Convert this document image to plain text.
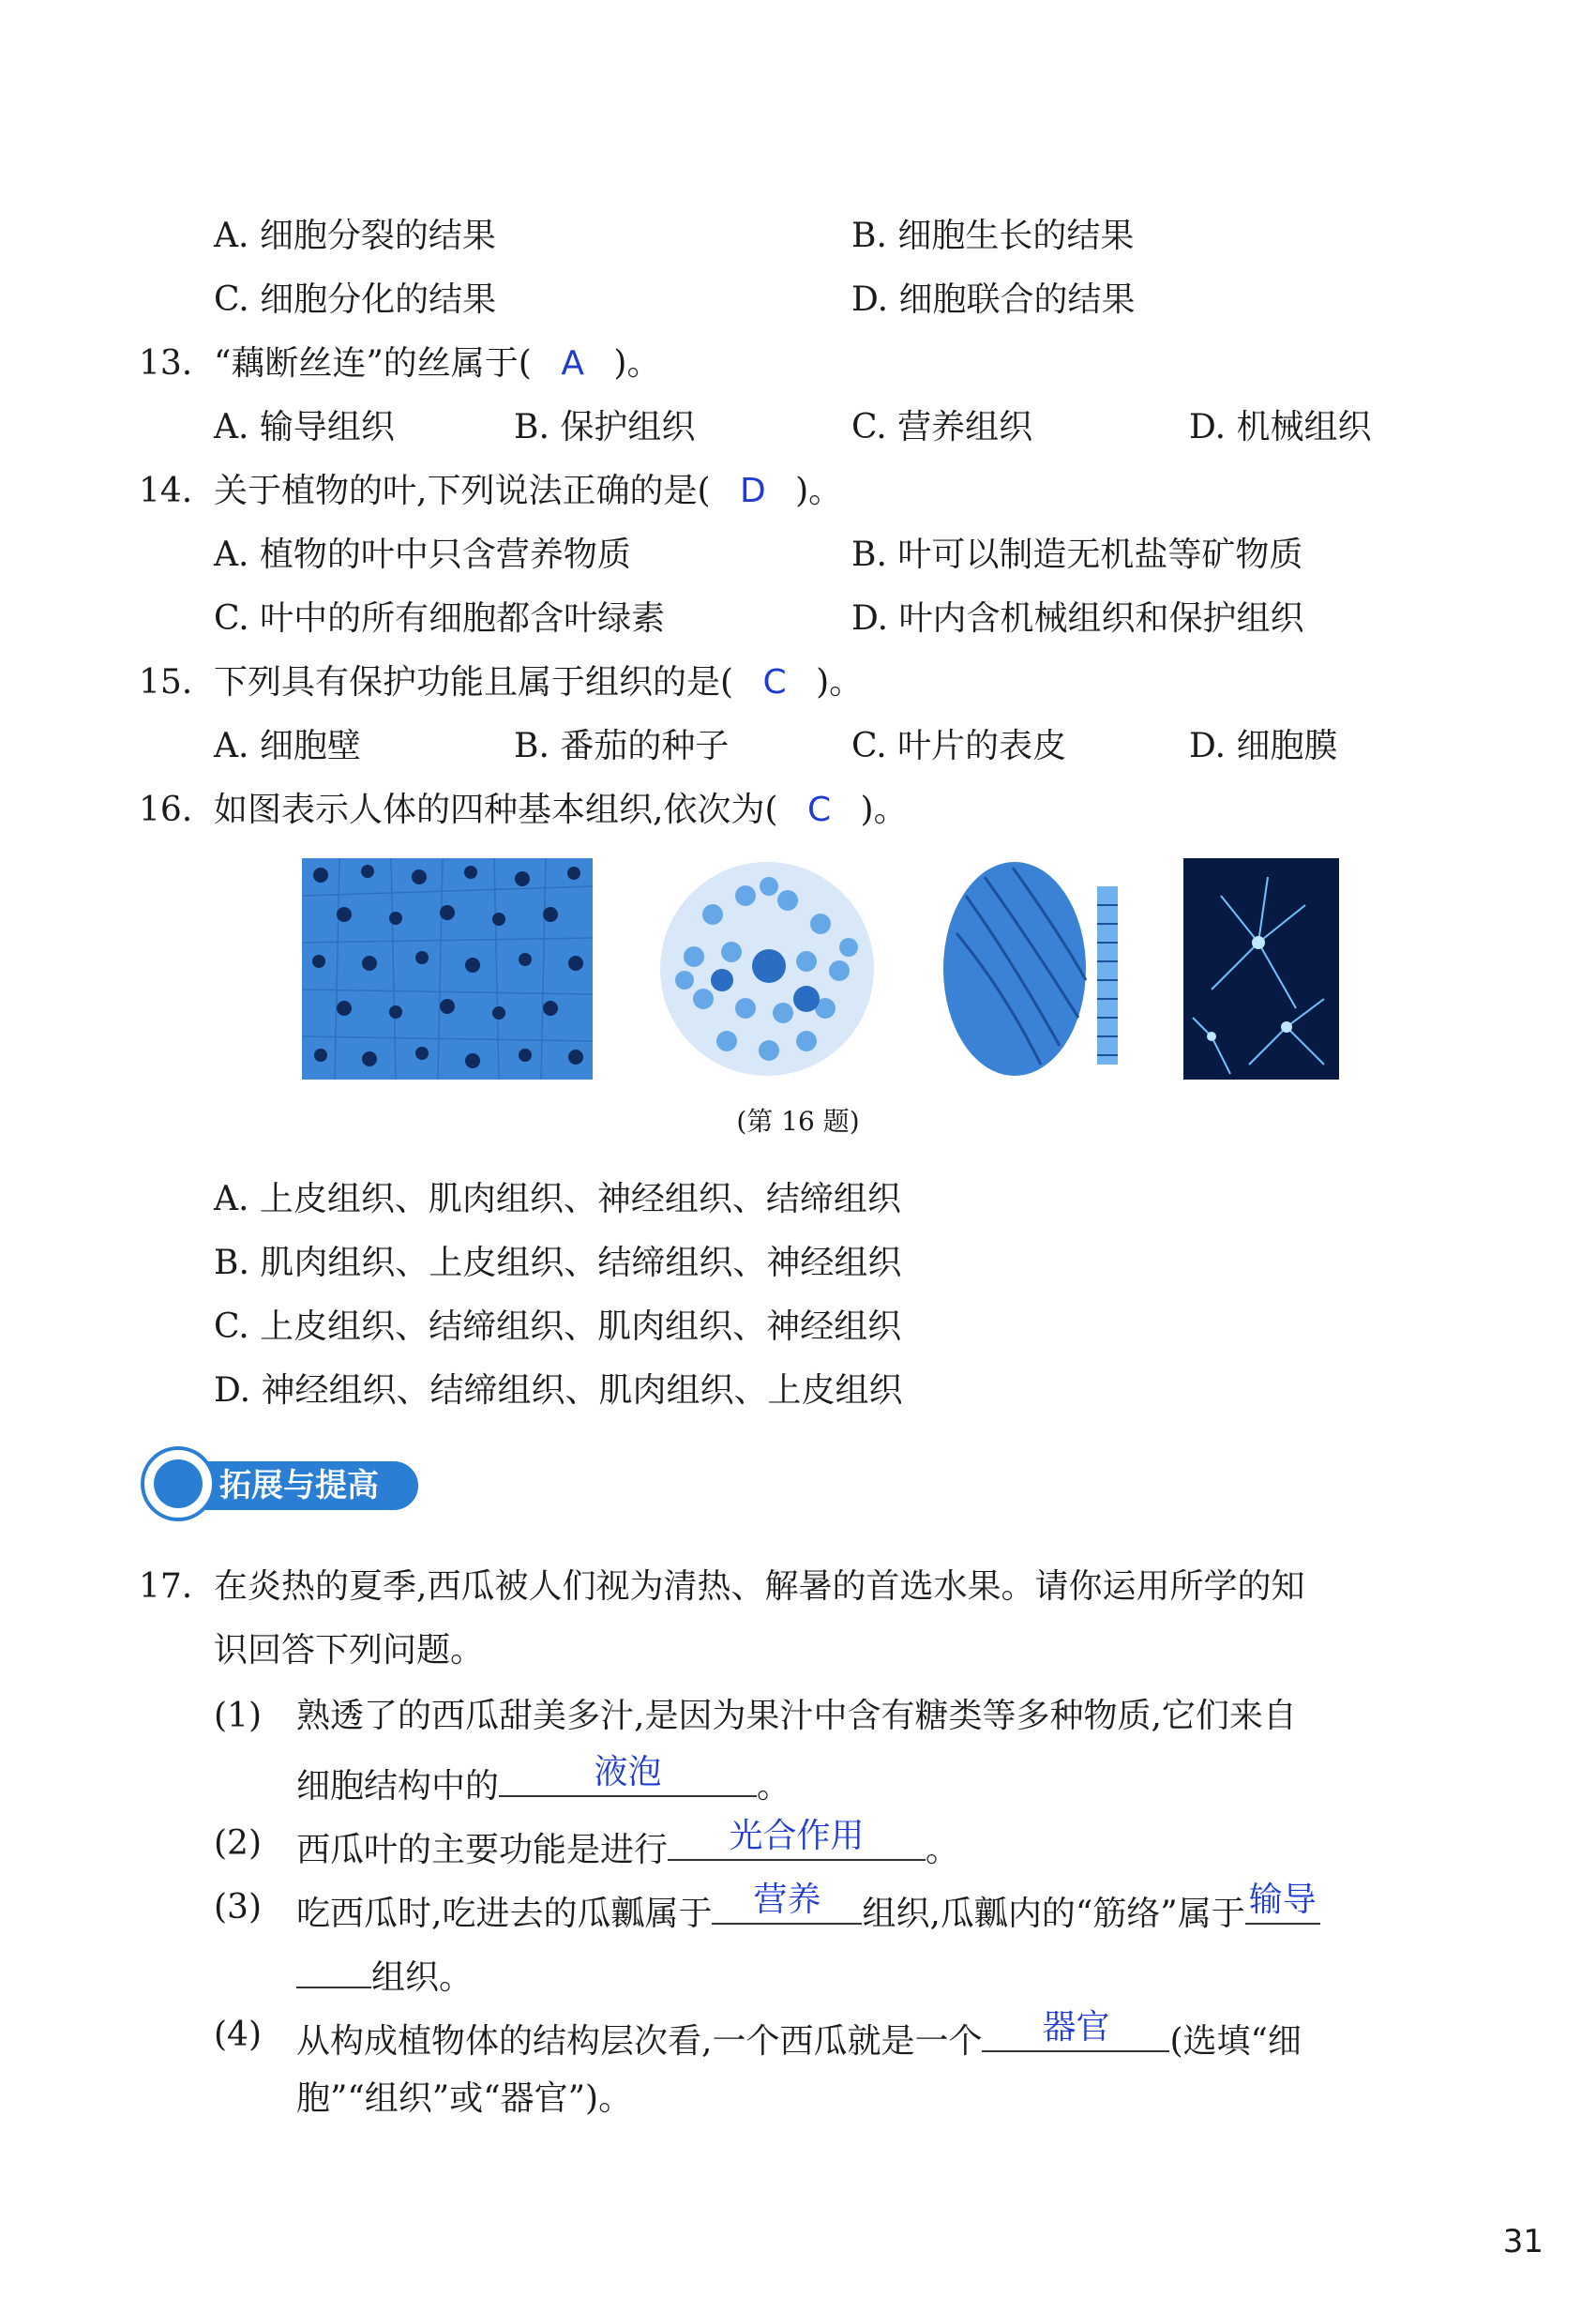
A. 细胞分裂的结果	B. 细胞生长的结果
C. 细胞分化的结果	D. 细胞联合的结果
13. “藕断丝连”的丝属于( A )。
A. 输导组织	B. 保护组织	C. 营养组织	D. 机械组织
14. 关于植物的叶,下列说法正确的是( D )。
A. 植物的叶中只含营养物质	B. 叶可以制造无机盐等矿物质
C. 叶中的所有细胞都含叶绿素	D. 叶内含机械组织和保护组织
15. 下列具有保护功能且属于组织的是( C )。
A. 细胞壁	B. 番茄的种子	C. 叶片的表皮	D. 细胞膜
16. 如图表示人体的四种基本组织,依次为( C )。
(第 16 题)
A. 上皮组织、肌肉组织、神经组织、结缔组织
B. 肌肉组织、上皮组织、结缔组织、神经组织
C. 上皮组织、结缔组织、肌肉组织、神经组织
D. 神经组织、结缔组织、肌肉组织、上皮组织
拓展与提高
17. 在炎热的夏季,西瓜被人们视为清热、解暑的首选水果。请你运用所学的知
识回答下列问题。
(1) 熟透了的西瓜甜美多汁,是因为果汁中含有糖类等多种物质,它们来自
细胞结构中的	液泡	。
(2) 西瓜叶的主要功能是进行	光合作用	。
(3) 吃西瓜时,吃进去的瓜瓤属于	营养	组织,瓜瓤内的“筋络”属于 输导
组织。
(4) 从构成植物体的结构层次看,一个西瓜就是一个	器官	(选填“细
胞”“组织”或“器官”)。
31
